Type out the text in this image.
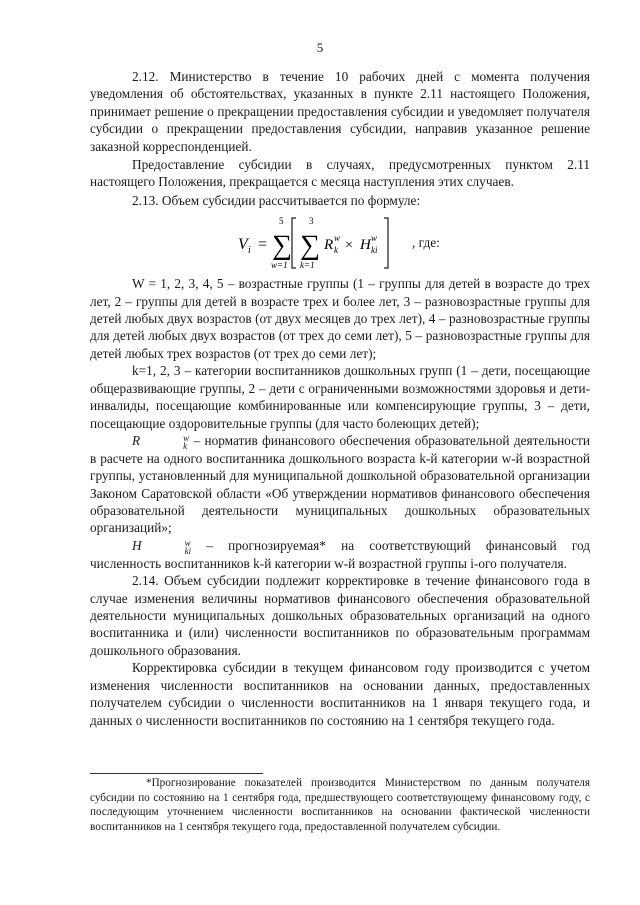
5

2.12. Министерство в течение 10 рабочих дней с момента получения уведомления об обстоятельствах, указанных в пункте 2.11 настоящего Положения, принимает решение о прекращении предоставления субсидии и уведомляет получателя субсидии о прекращении предоставления субсидии, направив указанное решение заказной корреспонденцией.

Предоставление субсидии в случаях, предусмотренных пунктом 2.11 настоящего Положения, прекращается с месяца наступления этих случаев.

2.13. Объем субсидии рассчитывается по формуле:

V i =
5
∑
w=1
3
∑
k=1
R w
k × H w
ki	, где:

W = 1, 2, 3, 4, 5 – возрастные группы (1 – группы для детей в возрасте до трех лет, 2 – группы для детей в возрасте трех и более лет, 3 – разновозрастные группы для детей любых двух возрастов (от двух месяцев до трех лет), 4 – разновозрастные группы для детей любых двух возрастов (от трех до семи лет), 5 – разновозрастные группы для детей любых трех возрастов (от трех до семи лет);

k=1, 2, 3 – категории воспитанников дошкольных групп (1 – дети, посещающие общеразвивающие группы, 2 – дети с ограниченными возможностями здоровья и дети-инвалиды, посещающие комбинированные или компенсирующие группы, 3 – дети, посещающие оздоровительные группы (для часто болеющих детей);

R	w
k – норматив финансового обеспечения образовательной деятельности в расчете на одного воспитанника дошкольного возраста k-й категории w-й возрастной группы, установленный для муниципальной дошкольной образовательной организации Законом Саратовской области «Об утверждении нормативов финансового обеспечения образовательной деятельности муниципальных дошкольных образовательных организаций»;

H	w
ki – прогнозируемая* на соответствующий финансовый год численность воспитанников k-й категории w-й возрастной группы i-ого получателя.

2.14. Объем субсидии подлежит корректировке в течение финансового года в случае изменения величины нормативов финансового обеспечения образовательной деятельности муниципальных дошкольных образовательных организаций на одного воспитанника и (или) численности воспитанников по образовательным программам дошкольного образования.

Корректировка субсидии в текущем финансовом году производится с учетом изменения численности воспитанников на основании данных, предоставленных получателем субсидии о численности воспитанников на 1 января текущего года, и данных о численности воспитанников по состоянию на 1 сентября текущего года.

*Прогнозирование показателей производится Министерством по данным получателя субсидии по состоянию на 1 сентября года, предшествующего соответствующему финансовому году, с последующим уточнением численности воспитанников на основании фактической численности воспитанников на 1 сентября текущего года, предоставленной получателем субсидии.
